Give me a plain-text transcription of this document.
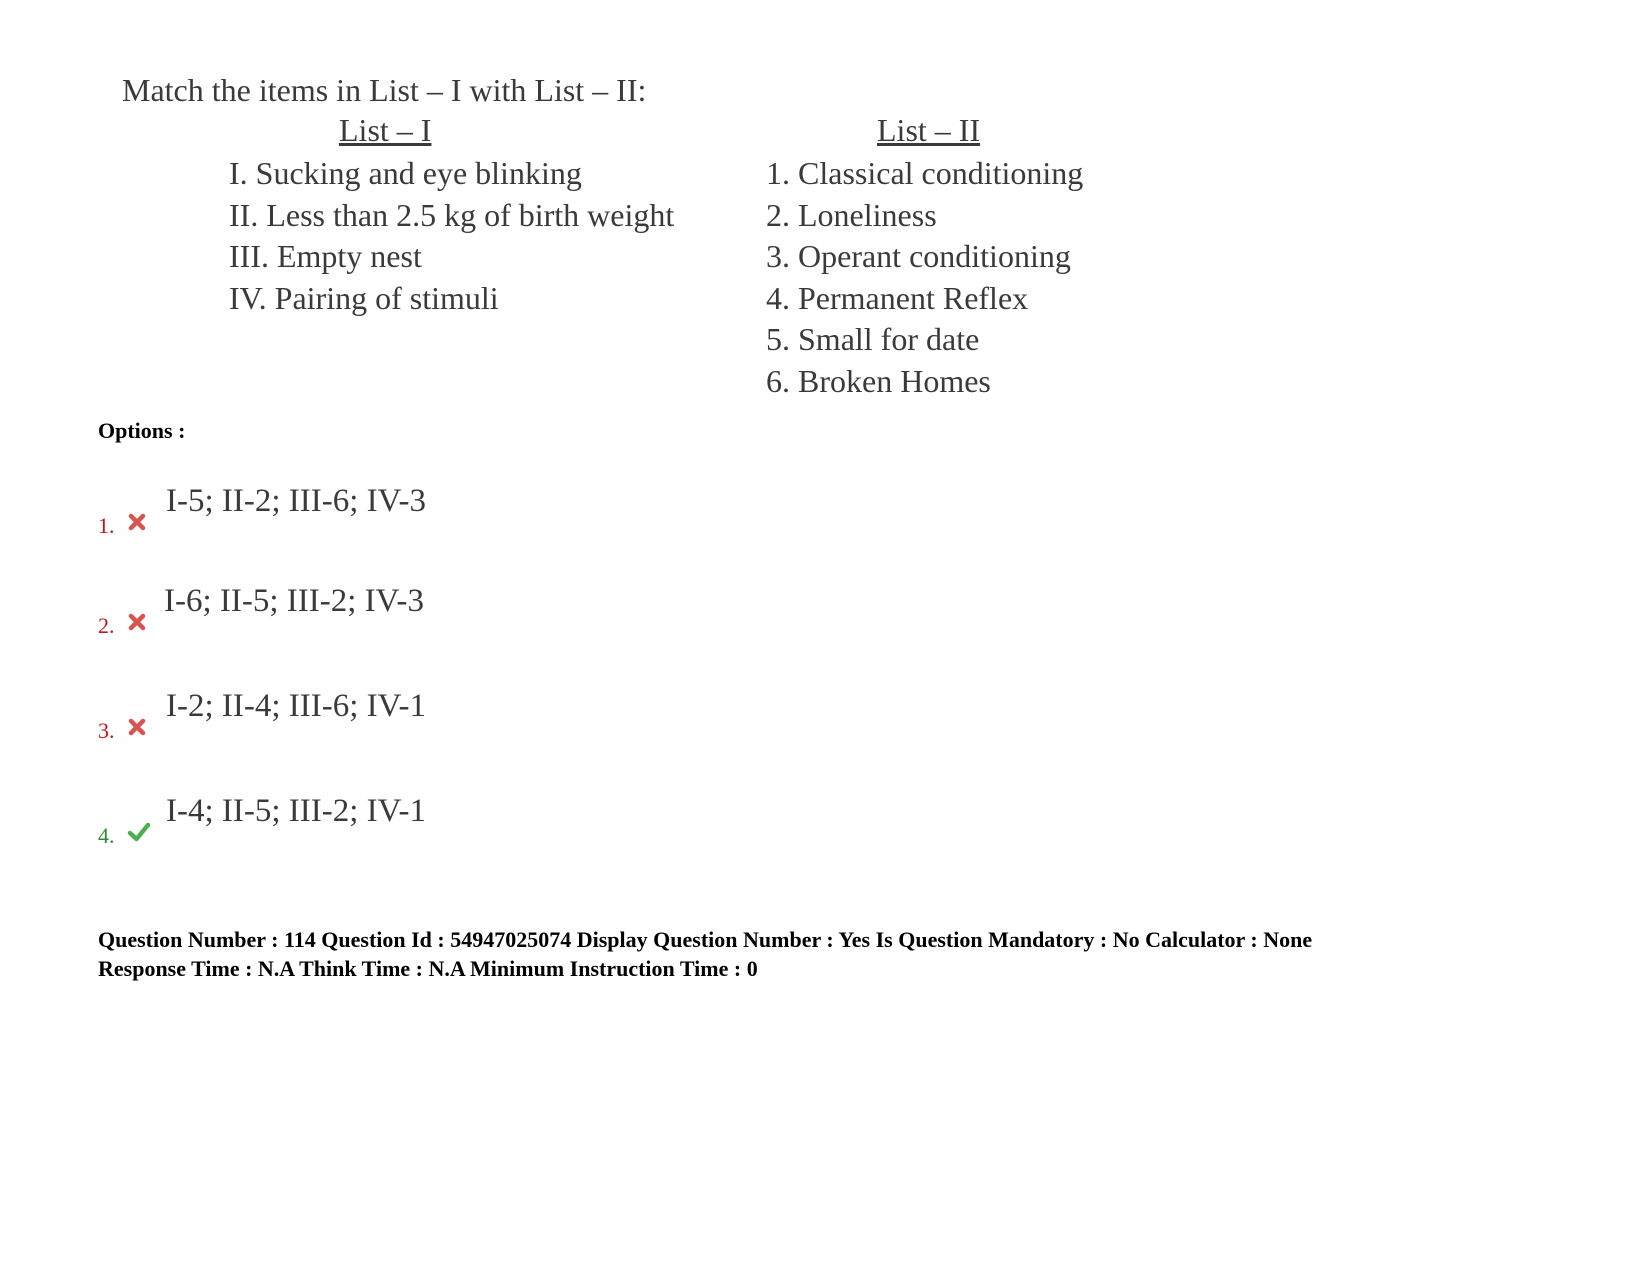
Match the items in List – I with List – II:
List – I	List – II
I. Sucking and eye blinking
II. Less than 2.5 kg of birth weight
III. Empty nest
IV. Pairing of stimuli
1. Classical conditioning
2. Loneliness
3. Operant conditioning
4. Permanent Reflex
5. Small for date
6. Broken Homes
Options :
1.
I-5; II-2; III-6; IV-3
2.
I-6; II-5; III-2; IV-3
3.
I-2; II-4; III-6; IV-1
4.
I-4; II-5; III-2; IV-1
Question Number : 114 Question Id : 54947025074 Display Question Number : Yes Is Question Mandatory : No Calculator : None
Response Time : N.A Think Time : N.A Minimum Instruction Time : 0
